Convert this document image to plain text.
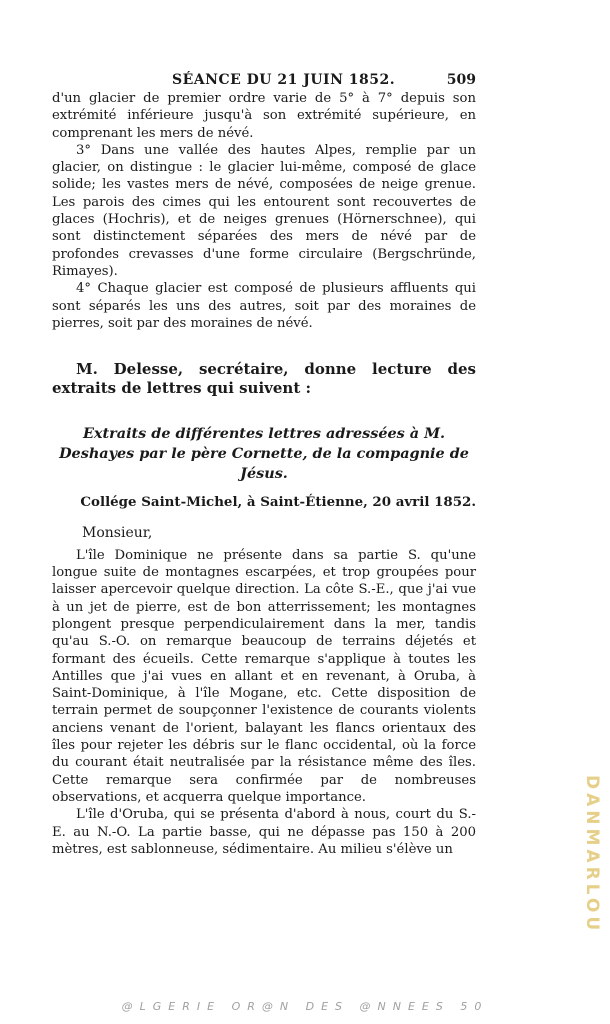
SÉANCE DU 21 JUIN 1852.	509

d'un glacier de premier ordre varie de 5° à 7° depuis son extrémité inférieure jusqu'à son extrémité supérieure, en comprenant les mers de névé.

3° Dans une vallée des hautes Alpes, remplie par un glacier, on distingue : le glacier lui-même, composé de glace solide; les vastes mers de névé, composées de neige grenue. Les parois des cimes qui les entourent sont recouvertes de glaces (Hochris), et de neiges grenues (Hörnerschnee), qui sont distinctement séparées des mers de névé par de profondes crevasses d'une forme circulaire (Bergschründe, Rimayes).

4° Chaque glacier est composé de plusieurs affluents qui sont séparés les uns des autres, soit par des moraines de pierres, soit par des moraines de névé.

M. Delesse, secrétaire, donne lecture des extraits de lettres qui suivent :

Extraits de différentes lettres adressées à M. Deshayes par le père Cornette, de la compagnie de Jésus.

Collége Saint-Michel, à Saint-Étienne, 20 avril 1852.

Monsieur,

L'île Dominique ne présente dans sa partie S. qu'une longue suite de montagnes escarpées, et trop groupées pour laisser apercevoir quelque direction. La côte S.-E., que j'ai vue à un jet de pierre, est de bon atterrissement; les montagnes plongent presque perpendiculairement dans la mer, tandis qu'au S.-O. on remarque beaucoup de terrains déjetés et formant des écueils. Cette remarque s'applique à toutes les Antilles que j'ai vues en allant et en revenant, à Oruba, à Saint-Dominique, à l'île Mogane, etc. Cette disposition de terrain permet de soupçonner l'existence de courants violents anciens venant de l'orient, balayant les flancs orientaux des îles pour rejeter les débris sur le flanc occidental, où la force du courant était neutralisée par la résistance même des îles. Cette remarque sera confirmée par de nombreuses observations, et acquerra quelque importance.

L'île d'Oruba, qui se présenta d'abord à nous, court du S.-E. au N.-O. La partie basse, qui ne dépasse pas 150 à 200 mètres, est sablonneuse, sédimentaire. Au milieu s'élève un	DANMARLOU
@LGERIE OR@N DES @NNEES 50
